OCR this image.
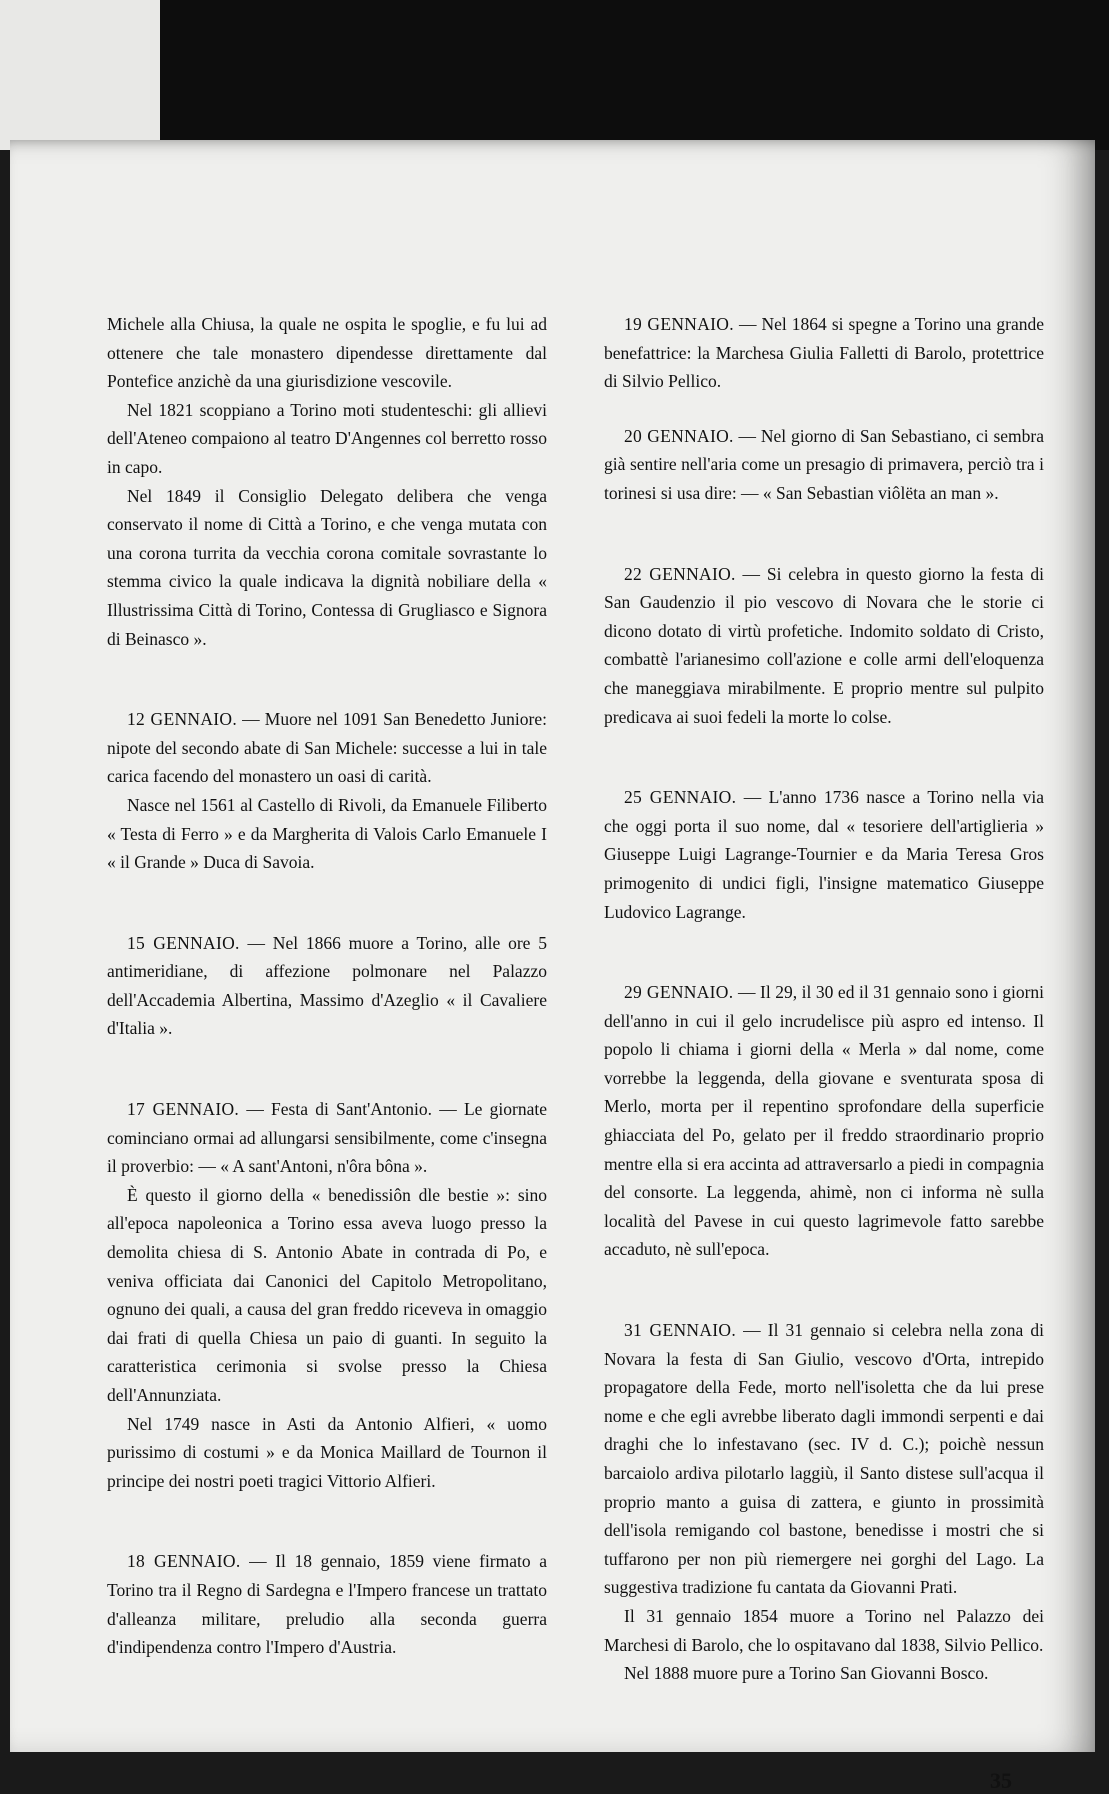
Michele alla Chiusa, la quale ne ospita le spoglie, e fu lui ad ottenere che tale monastero dipendesse direttamente dal Pontefice anzichè da una giurisdizione vescovile.

Nel 1821 scoppiano a Torino moti studenteschi: gli allievi dell'Ateneo compaiono al teatro D'Angennes col berretto rosso in capo.

Nel 1849 il Consiglio Delegato delibera che venga conservato il nome di Città a Torino, e che venga mutata con una corona turrita da vecchia corona comitale sovrastante lo stemma civico la quale indicava la dignità nobiliare della « Illustrissima Città di Torino, Contessa di Grugliasco e Signora di Beinasco ».

12 GENNAIO. — Muore nel 1091 San Benedetto Juniore: nipote del secondo abate di San Michele: successe a lui in tale carica facendo del monastero un oasi di carità.

Nasce nel 1561 al Castello di Rivoli, da Emanuele Filiberto « Testa di Ferro » e da Margherita di Valois Carlo Emanuele I « il Grande » Duca di Savoia.

15 GENNAIO. — Nel 1866 muore a Torino, alle ore 5 antimeridiane, di affezione polmonare nel Palazzo dell'Accademia Albertina, Massimo d'Azeglio « il Cavaliere d'Italia ».

17 GENNAIO. — Festa di Sant'Antonio. — Le giornate cominciano ormai ad allungarsi sensibilmente, come c'insegna il proverbio: — « A sant'Antoni, n'ôra bôna ».

È questo il giorno della « benedissiôn dle bestie »: sino all'epoca napoleonica a Torino essa aveva luogo presso la demolita chiesa di S. Antonio Abate in contrada di Po, e veniva officiata dai Canonici del Capitolo Metropolitano, ognuno dei quali, a causa del gran freddo riceveva in omaggio dai frati di quella Chiesa un paio di guanti. In seguito la caratteristica cerimonia si svolse presso la Chiesa dell'Annunziata.

Nel 1749 nasce in Asti da Antonio Alfieri, « uomo purissimo di costumi » e da Monica Maillard de Tournon il principe dei nostri poeti tragici Vittorio Alfieri.

18 GENNAIO. — Il 18 gennaio, 1859 viene firmato a Torino tra il Regno di Sardegna e l'Impero francese un trattato d'alleanza militare, preludio alla seconda guerra d'indipendenza contro l'Impero d'Austria.

19 GENNAIO. — Nel 1864 si spegne a Torino una grande benefattrice: la Marchesa Giulia Falletti di Barolo, protettrice di Silvio Pellico.

20 GENNAIO. — Nel giorno di San Sebastiano, ci sembra già sentire nell'aria come un presagio di primavera, perciò tra i torinesi si usa dire: — « San Sebastian viôlëta an man ».

22 GENNAIO. — Si celebra in questo giorno la festa di San Gaudenzio il pio vescovo di Novara che le storie ci dicono dotato di virtù profetiche. Indomito soldato di Cristo, combattè l'arianesimo coll'azione e colle armi dell'eloquenza che maneggiava mirabilmente. E proprio mentre sul pulpito predicava ai suoi fedeli la morte lo colse.

25 GENNAIO. — L'anno 1736 nasce a Torino nella via che oggi porta il suo nome, dal « tesoriere dell'artiglieria » Giuseppe Luigi Lagrange-Tournier e da Maria Teresa Gros primogenito di undici figli, l'insigne matematico Giuseppe Ludovico Lagrange.

29 GENNAIO. — Il 29, il 30 ed il 31 gennaio sono i giorni dell'anno in cui il gelo incrudelisce più aspro ed intenso. Il popolo li chiama i giorni della « Merla » dal nome, come vorrebbe la leggenda, della giovane e sventurata sposa di Merlo, morta per il repentino sprofondare della superficie ghiacciata del Po, gelato per il freddo straordinario proprio mentre ella si era accinta ad attraversarlo a piedi in compagnia del consorte. La leggenda, ahimè, non ci informa nè sulla località del Pavese in cui questo lagrimevole fatto sarebbe accaduto, nè sull'epoca.

31 GENNAIO. — Il 31 gennaio si celebra nella zona di Novara la festa di San Giulio, vescovo d'Orta, intrepido propagatore della Fede, morto nell'isoletta che da lui prese nome e che egli avrebbe liberato dagli immondi serpenti e dai draghi che lo infestavano (sec. IV d. C.); poichè nessun barcaiolo ardiva pilotarlo laggiù, il Santo distese sull'acqua il proprio manto a guisa di zattera, e giunto in prossimità dell'isola remigando col bastone, benedisse i mostri che si tuffarono per non più riemergere nei gorghi del Lago. La suggestiva tradizione fu cantata da Giovanni Prati.

Il 31 gennaio 1854 muore a Torino nel Palazzo dei Marchesi di Barolo, che lo ospitavano dal 1838, Silvio Pellico.

Nel 1888 muore pure a Torino San Giovanni Bosco.

35
